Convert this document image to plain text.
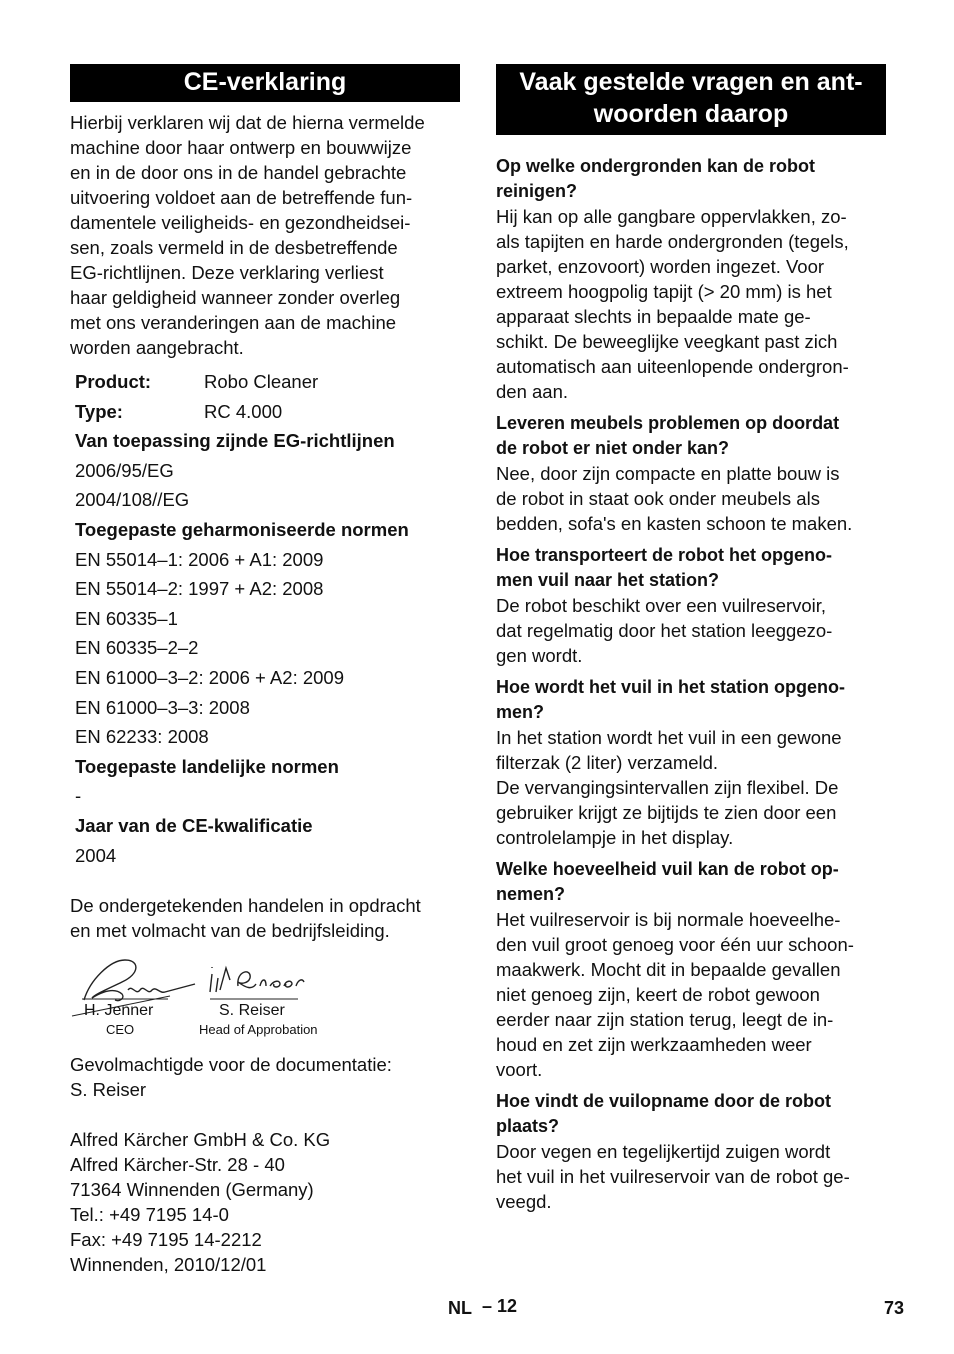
CE-verklaring
Hierbij verklaren wij dat de hierna vermelde
machine door haar ontwerp en bouwwijze
en in de door ons in de handel gebrachte
uitvoering voldoet aan de betreffende fun-
damentele veiligheids- en gezondheidsei-
sen, zoals vermeld in de desbetreffende
EG-richtlijnen. Deze verklaring verliest
haar geldigheid wanneer zonder overleg
met ons veranderingen aan de machine
worden aangebracht.
Product:	Robo Cleaner
Type:	RC 4.000
Van toepassing zijnde EG-richtlijnen
2006/95/EG
2004/108//EG
Toegepaste geharmoniseerde normen
EN 55014–1: 2006 + A1: 2009
EN 55014–2: 1997 + A2: 2008
EN 60335–1
EN 60335–2–2
EN 61000–3–2: 2006 + A2: 2009
EN 61000–3–3: 2008
EN 62233: 2008
Toegepaste landelijke normen
-
Jaar van de CE-kwalificatie
2004
De ondergetekenden handelen in opdracht
en met volmacht van de bedrijfsleiding.
H. Jenner
CEO
S. Reiser
Head of Approbation
Gevolmachtigde voor de documentatie:
S. Reiser
Alfred Kärcher GmbH & Co. KG
Alfred Kärcher-Str. 28 - 40
71364 Winnenden (Germany)
Tel.: +49 7195 14-0
Fax: +49 7195 14-2212
Winnenden, 2010/12/01
Vaak gestelde vragen en ant-
woorden daarop
Op welke ondergronden kan de robot
reinigen?
Hij kan op alle gangbare oppervlakken, zo-
als tapijten en harde ondergronden (tegels,
parket, enzovoort) worden ingezet. Voor
extreem hoogpolig tapijt (> 20 mm) is het
apparaat slechts in bepaalde mate ge-
schikt. De beweeglijke veegkant past zich
automatisch aan uiteenlopende ondergron-
den aan.
Leveren meubels problemen op doordat
de robot er niet onder kan?
Nee, door zijn compacte en platte bouw is
de robot in staat ook onder meubels als
bedden, sofa's en kasten schoon te maken.
Hoe transporteert de robot het opgeno-
men vuil naar het station?
De robot beschikt over een vuilreservoir,
dat regelmatig door het station leeggezo-
gen wordt.
Hoe wordt het vuil in het station opgeno-
men?
In het station wordt het vuil in een gewone
filterzak (2 liter) verzameld.
De vervangingsintervallen zijn flexibel. De
gebruiker krijgt ze bijtijds te zien door een
controlelampje in het display.
Welke hoeveelheid vuil kan de robot op-
nemen?
Het vuilreservoir is bij normale hoeveelhe-
den vuil groot genoeg voor één uur schoon-
maakwerk. Mocht dit in bepaalde gevallen
niet genoeg zijn, keert de robot gewoon
eerder naar zijn station terug, leegt de in-
houd en zet zijn werkzaamheden weer
voort.
Hoe vindt de vuilopname door de robot
plaats?
Door vegen en tegelijkertijd zuigen wordt
het vuil in het vuilreservoir van de robot ge-
veegd.
NL – 12	73
